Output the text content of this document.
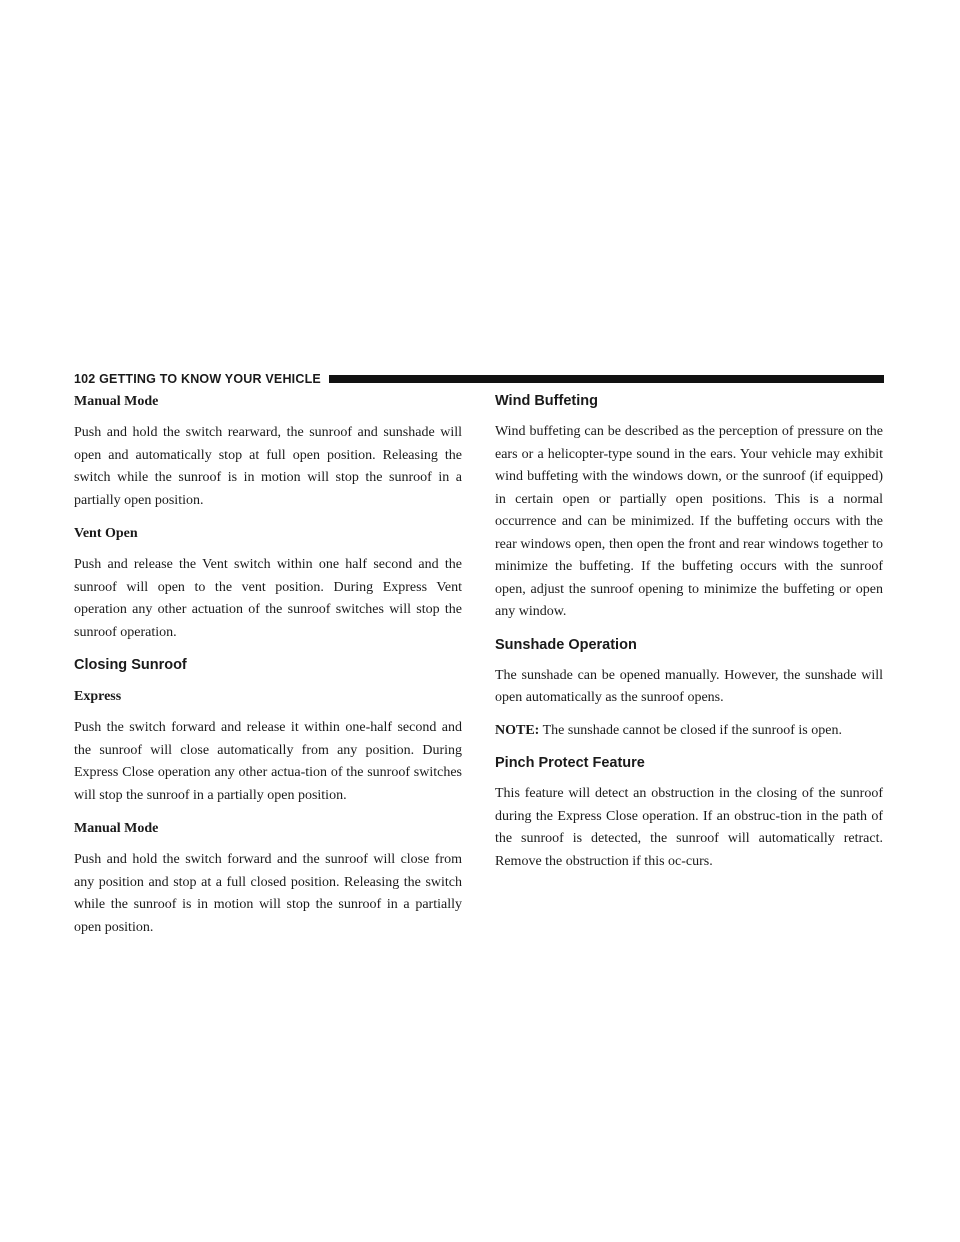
102 GETTING TO KNOW YOUR VEHICLE
Manual Mode

Push and hold the switch rearward, the sunroof and sunshade will open and automatically stop at full open position. Releasing the switch while the sunroof is in motion will stop the sunroof in a partially open position.

Vent Open

Push and release the Vent switch within one half second and the sunroof will open to the vent position. During Express Vent operation any other actuation of the sunroof switches will stop the sunroof operation.

Closing Sunroof
Express

Push the switch forward and release it within one-half second and the sunroof will close automatically from any position. During Express Close operation any other actua-tion of the sunroof switches will stop the sunroof in a partially open position.

Manual Mode

Push and hold the switch forward and the sunroof will close from any position and stop at a full closed position. Releasing the switch while the sunroof is in motion will stop the sunroof in a partially open position.

Wind Buffeting

Wind buffeting can be described as the perception of pressure on the ears or a helicopter-type sound in the ears. Your vehicle may exhibit wind buffeting with the windows down, or the sunroof (if equipped) in certain open or partially open positions. This is a normal occurrence and can be minimized. If the buffeting occurs with the rear windows open, then open the front and rear windows together to minimize the buffeting. If the buffeting occurs with the sunroof open, adjust the sunroof opening to minimize the buffeting or open any window.

Sunshade Operation

The sunshade can be opened manually. However, the sunshade will open automatically as the sunroof opens.

NOTE: The sunshade cannot be closed if the sunroof is open.

Pinch Protect Feature

This feature will detect an obstruction in the closing of the sunroof during the Express Close operation. If an obstruc-tion in the path of the sunroof is detected, the sunroof will automatically retract. Remove the obstruction if this oc-curs.
